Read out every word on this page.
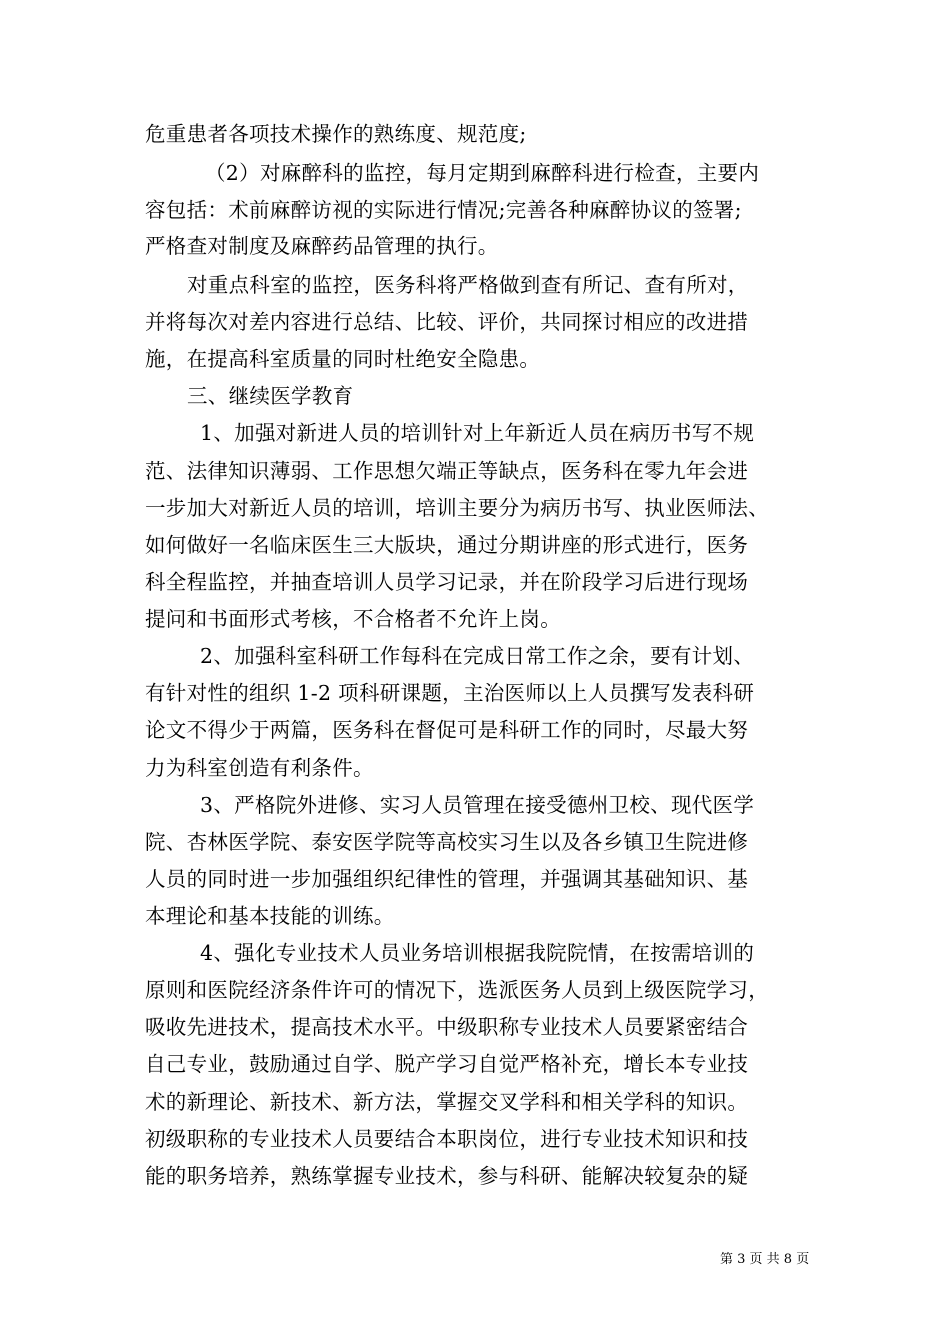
危重患者各项技术操作的熟练度、规范度;
（2）对麻醉科的监控，每月定期到麻醉科进行检查，主要内
容包括：术前麻醉访视的实际进行情况;完善各种麻醉协议的签署;
严格查对制度及麻醉药品管理的执行。
对重点科室的监控，医务科将严格做到查有所记、查有所对，
并将每次对差内容进行总结、比较、评价，共同探讨相应的改进措
施，在提高科室质量的同时杜绝安全隐患。
三、继续医学教育
1、加强对新进人员的培训针对上年新近人员在病历书写不规
范、法律知识薄弱、工作思想欠端正等缺点，医务科在零九年会进
一步加大对新近人员的培训，培训主要分为病历书写、执业医师法、
如何做好一名临床医生三大版块，通过分期讲座的形式进行，医务
科全程监控，并抽查培训人员学习记录，并在阶段学习后进行现场
提问和书面形式考核，不合格者不允许上岗。
2、加强科室科研工作每科在完成日常工作之余，要有计划、
有针对性的组织 1-2 项科研课题，主治医师以上人员撰写发表科研
论文不得少于两篇，医务科在督促可是科研工作的同时，尽最大努
力为科室创造有利条件。
3、严格院外进修、实习人员管理在接受德州卫校、现代医学
院、杏林医学院、泰安医学院等高校实习生以及各乡镇卫生院进修
人员的同时进一步加强组织纪律性的管理，并强调其基础知识、基
本理论和基本技能的训练。
4、强化专业技术人员业务培训根据我院院情，在按需培训的
原则和医院经济条件许可的情况下，选派医务人员到上级医院学习，
吸收先进技术，提高技术水平。中级职称专业技术人员要紧密结合
自己专业，鼓励通过自学、脱产学习自觉严格补充，增长本专业技
术的新理论、新技术、新方法，掌握交叉学科和相关学科的知识。
初级职称的专业技术人员要结合本职岗位，进行专业技术知识和技
能的职务培养，熟练掌握专业技术，参与科研、能解决较复杂的疑
第 3 页 共 8 页
